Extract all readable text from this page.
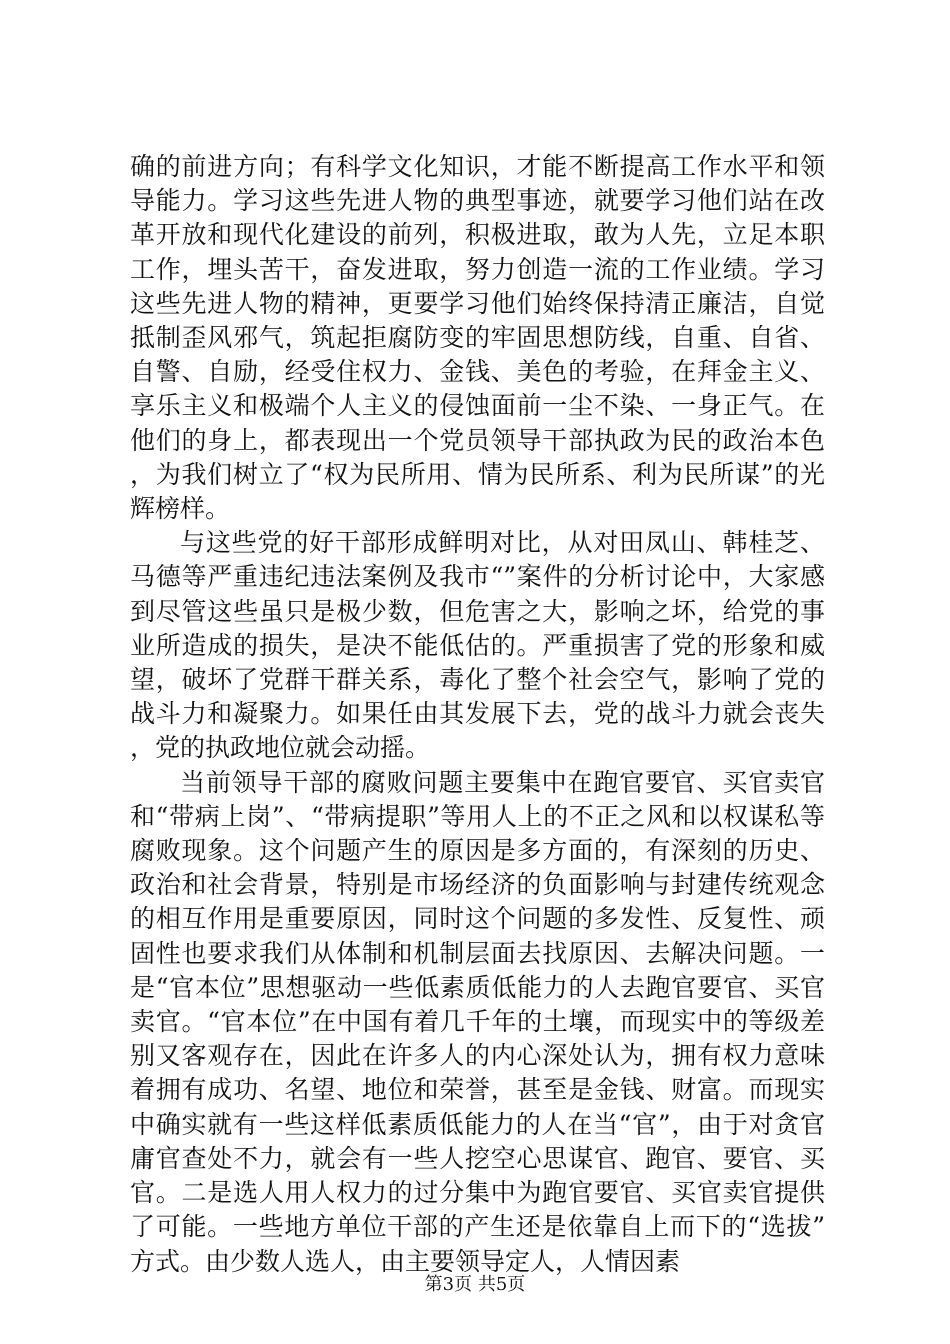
确的前进方向；有科学文化知识，才能不断提高工作水平和领导能力。学习这些先进人物的典型事迹，就要学习他们站在改革开放和现代化建设的前列，积极进取，敢为人先，立足本职工作，埋头苦干，奋发进取，努力创造一流的工作业绩。学习这些先进人物的精神，更要学习他们始终保持清正廉洁，自觉抵制歪风邪气，筑起拒腐防变的牢固思想防线，自重、自省、自警、自励，经受住权力、金钱、美色的考验，在拜金主义、享乐主义和极端个人主义的侵蚀面前一尘不染、一身正气。在他们的身上，都表现出一个党员领导干部执政为民的政治本色，为我们树立了“权为民所用、情为民所系、利为民所谋”的光辉榜样。

与这些党的好干部形成鲜明对比，从对田凤山、韩桂芝、马德等严重违纪违法案例及我市“”案件的分析讨论中，大家感到尽管这些虽只是极少数，但危害之大，影响之坏，给党的事业所造成的损失，是决不能低估的。严重损害了党的形象和威望，破坏了党群干群关系，毒化了整个社会空气，影响了党的战斗力和凝聚力。如果任由其发展下去，党的战斗力就会丧失，党的执政地位就会动摇。

当前领导干部的腐败问题主要集中在跑官要官、买官卖官和“带病上岗”、“带病提职”等用人上的不正之风和以权谋私等腐败现象。这个问题产生的原因是多方面的，有深刻的历史、政治和社会背景，特别是市场经济的负面影响与封建传统观念的相互作用是重要原因，同时这个问题的多发性、反复性、顽固性也要求我们从体制和机制层面去找原因、去解决问题。一是“官本位”思想驱动一些低素质低能力的人去跑官要官、买官卖官。“官本位”在中国有着几千年的土壤，而现实中的等级差别又客观存在，因此在许多人的内心深处认为，拥有权力意味着拥有成功、名望、地位和荣誉，甚至是金钱、财富。而现实中确实就有一些这样低素质低能力的人在当“官”，由于对贪官庸官查处不力，就会有一些人挖空心思谋官、跑官、要官、买官。二是选人用人权力的过分集中为跑官要官、买官卖官提供了可能。一些地方单位干部的产生还是依靠自上而下的“选拔”方式。由少数人选人，由主要领导定人，人情因素

第3页 共5页
